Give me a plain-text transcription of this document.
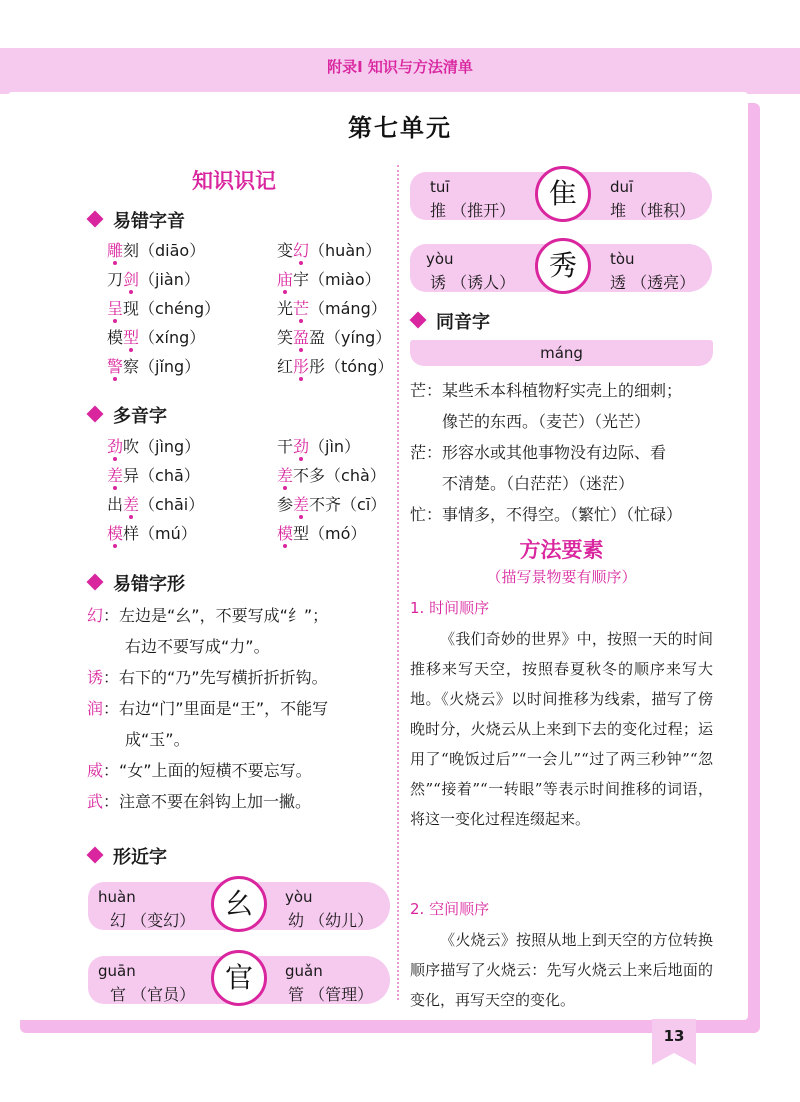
附录Ⅰ 知识与方法清单
第七单元
知识识记
易错字音
雕刻（diāo）	变幻（huàn）
刀剑（jiàn）	庙宇（miào）
呈现（chéng）	光芒（máng）
模型（xíng）	笑盈盈（yíng）
警察（jǐng）	红彤彤（tóng）
多音字
劲吹（jìng）	干劲（jìn）
差异（chā）	差不多（chà）
出差（chāi）	参差不齐（cī）
模样（mú）	模型（mó）
易错字形
幻：左边是“幺”，不要写成“纟”；
右边不要写成“力”。
诱：右下的“乃”先写横折折折钩。
润：右边“门”里面是“王”，不能写
成“玉”。
威：“女”上面的短横不要忘写。
武：注意不要在斜钩上加一撇。
形近字
huàn
幻 （变幻）
幺	yòu
幼 （幼儿）
guān
官 （官员）
官	guǎn
管 （管理）
tuī
推 （推开）
隹	duī
堆 （堆积）
yòu
诱 （诱人）
秀	tòu
透 （透亮）
同音字
máng
芒：某些禾本科植物籽实壳上的细刺；
像芒的东西。（麦芒）（光芒）
茫：形容水或其他事物没有边际、看
不清楚。（白茫茫）（迷茫）
忙：事情多，不得空。（繁忙）（忙碌）
方法要素
（描写景物要有顺序）
1. 时间顺序
《我们奇妙的世界》中，按照一天的时间推移来写天空，按照春夏秋冬的顺序来写大地。《火烧云》以时间推移为线索，描写了傍晚时分，火烧云从上来到下去的变化过程；运用了“晚饭过后”“一会儿”“过了两三秒钟”“忽然”“接着”“一转眼”等表示时间推移的词语，将这一变化过程连缀起来。
2. 空间顺序
《火烧云》按照从地上到天空的方位转换顺序描写了火烧云：先写火烧云上来后地面的变化，再写天空的变化。
13
